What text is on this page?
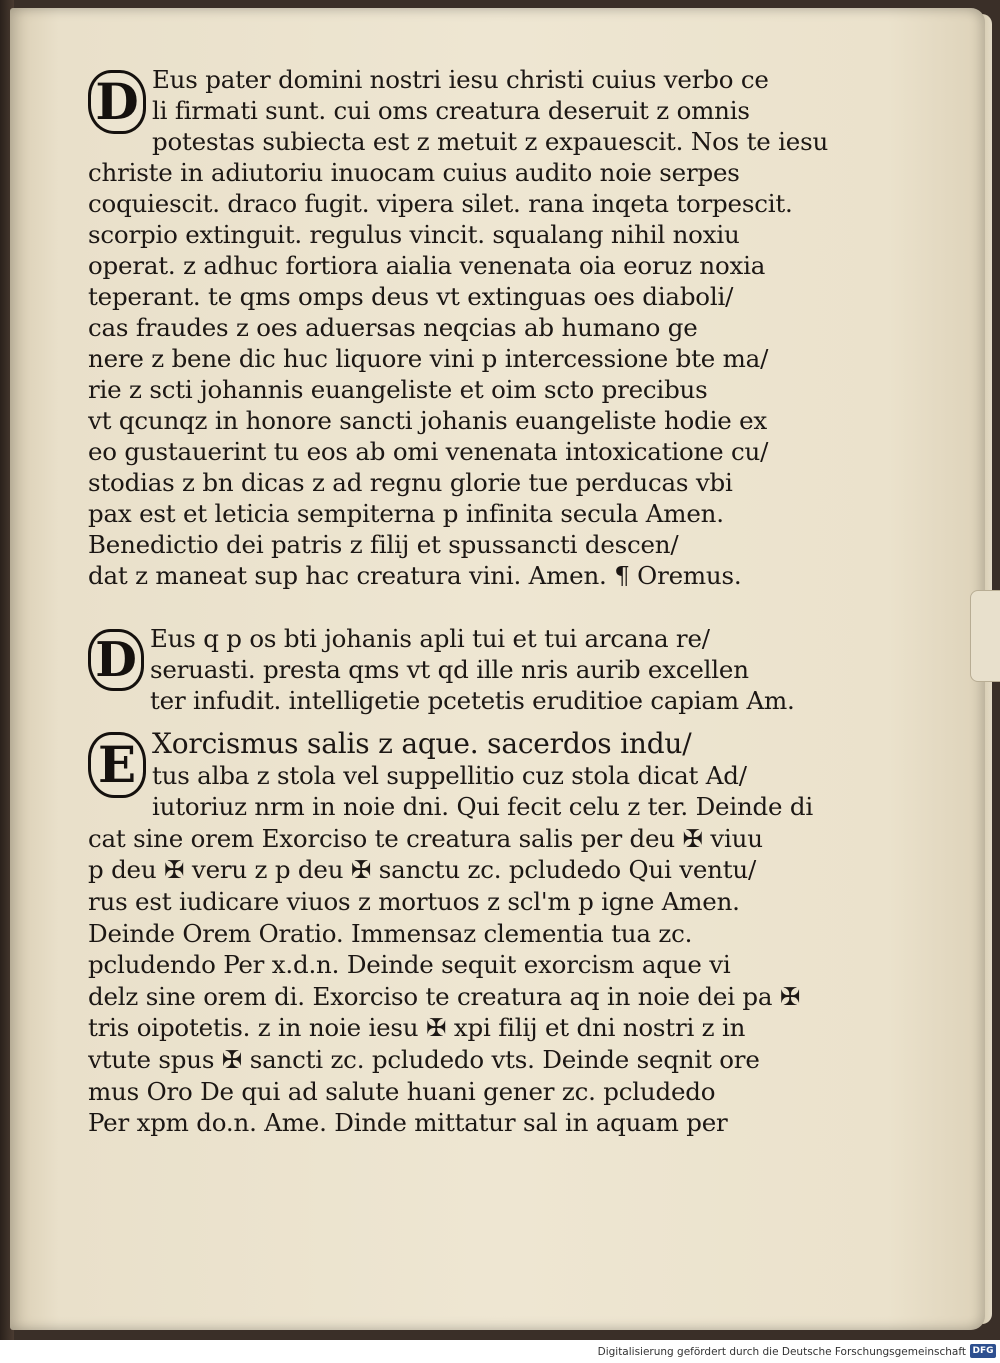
D Eus pater domini nostri iesu christi cuius verbo ce
li firmati sunt. cui oms creatura deseruit z omnis
potestas subiecta est z metuit z expauescit. Nos te iesu
christe in adiutoriu inuocam cuius audito noie serpes
coquiescit. draco fugit. vipera silet. rana inqeta torpescit.
scorpio extinguit. regulus vincit. squalang nihil noxiu
operat. z adhuc fortiora aialia venenata oia eoruz noxia
teperant. te qms omps deus vt extinguas oes diaboli/
cas fraudes z oes aduersas neqcias ab humano ge
nere z bene dic huc liquore vini p intercessione bte ma/
rie z scti johannis euangeliste et oim scto precibus
vt qcunqz in honore sancti johanis euangeliste hodie ex
eo gustauerint tu eos ab omi venenata intoxicatione cu/
stodias z bn dicas z ad regnu glorie tue perducas vbi
pax est et leticia sempiterna p infinita secula Amen.
Benedictio dei patris z filij et spussancti descen/
dat z maneat sup hac creatura vini. Amen. ¶ Oremus.
D Eus q p os bti johanis apli tui et tui arcana re/
seruasti. presta qms vt qd ille nris aurib excellen
ter infudit. intelligetie pcetetis eruditioe capiam Am.
E Xorcismus salis z aque. sacerdos indu/
tus alba z stola vel suppellitio cuz stola dicat Ad/
iutoriuz nrm in noie dni. Qui fecit celu z ter. Deinde di
cat sine orem Exorciso te creatura salis per deu ✠ viuu
p deu ✠ veru z p deu ✠ sanctu zc. pcludedo Qui ventu/
rus est iudicare viuos z mortuos z scl'm p igne Amen.
Deinde Orem Oratio. Immensaz clementia tua zc.
pcludendo Per x.d.n. Deinde sequit exorcism aque vi
delz sine orem di. Exorciso te creatura aq in noie dei pa ✠
tris oipotetis. z in noie iesu ✠ xpi filij et dni nostri z in
vtute spus ✠ sancti zc. pcludedo vts. Deinde seqnit ore
mus Oro De qui ad salute huani gener zc. pcludedo
Per xpm do.n. Ame. Dinde mittatur sal in aquam per
Digitalisierung gefördert durch die Deutsche Forschungsgemeinschaft DFG
